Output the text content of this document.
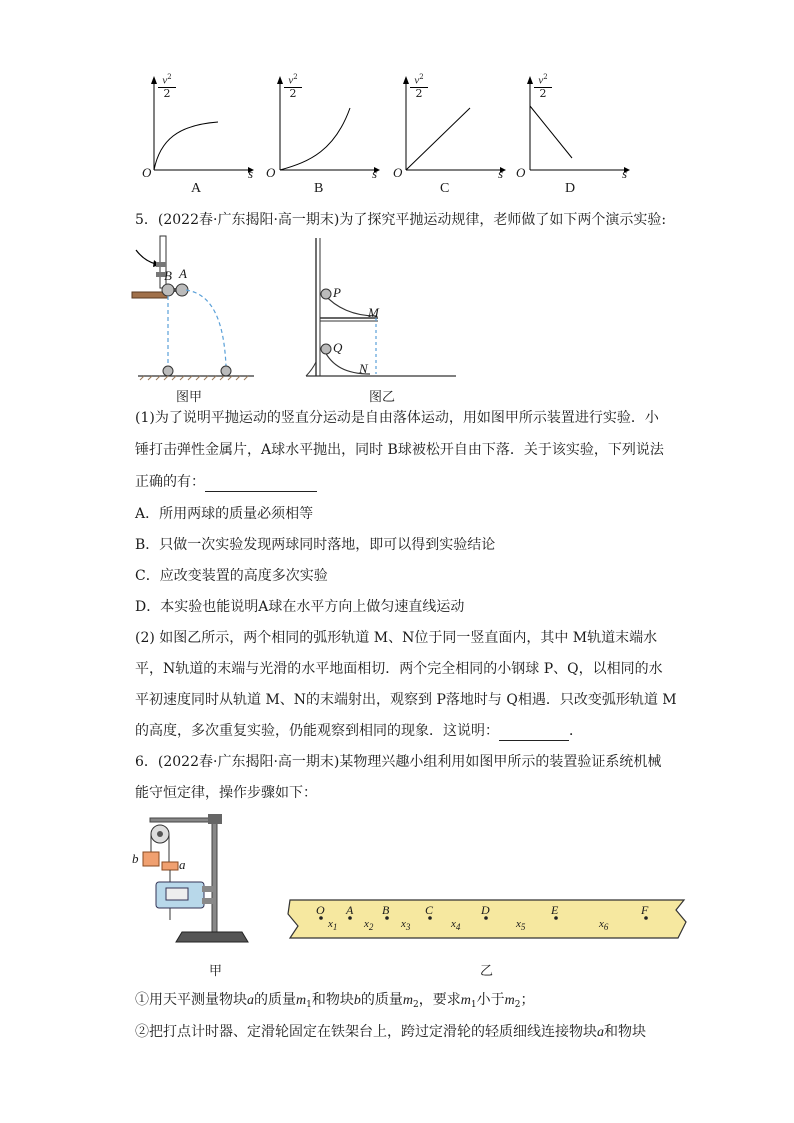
$v^2$
2
$v^2$
2
$v^2$
2
$v^2$
2
O	O	O	O
s	s	s	s
A	B	C	D
5．(2022春·广东揭阳·高一期末)为了探究平抛运动规律，老师做了如下两个演示实验:
B A
图甲
P
M
Q
N
图乙
(1)为了说明平抛运动的竖直分运动是自由落体运动，用如图甲所示装置进行实验．小
锤打击弹性金属片，A球水平抛出，同时 B球被松开自由下落．关于该实验，下列说法
正确的有：
A．所用两球的质量必须相等
B．只做一次实验发现两球同时落地，即可以得到实验结论
C．应改变装置的高度多次实验
D．本实验也能说明A球在水平方向上做匀速直线运动
(2) 如图乙所示，两个相同的弧形轨道 M、N位于同一竖直面内，其中 M轨道末端水
平，N轨道的末端与光滑的水平地面相切．两个完全相同的小钢球 P、Q，以相同的水
平初速度同时从轨道 M、N的末端射出，观察到 P落地时与 Q相遇．只改变弧形轨道 M
的高度，多次重复实验，仍能观察到相同的现象．这说明：	．
6．(2022春·广东揭阳·高一期末)某物理兴趣小组利用如图甲所示的装置验证系统机械
能守恒定律，操作步骤如下：
b	a
甲
O A B	C	D	E	F
$x_1$ $x_2$	$x_3$	$x_4$	$x_5$	$x_6$
乙
①用天平测量物块a的质量$m_1$和物块b的质量$m_2$，要求$m_1$小于$m_2$；
②把打点计时器、定滑轮固定在铁架台上，跨过定滑轮的轻质细线连接物块a和物块
